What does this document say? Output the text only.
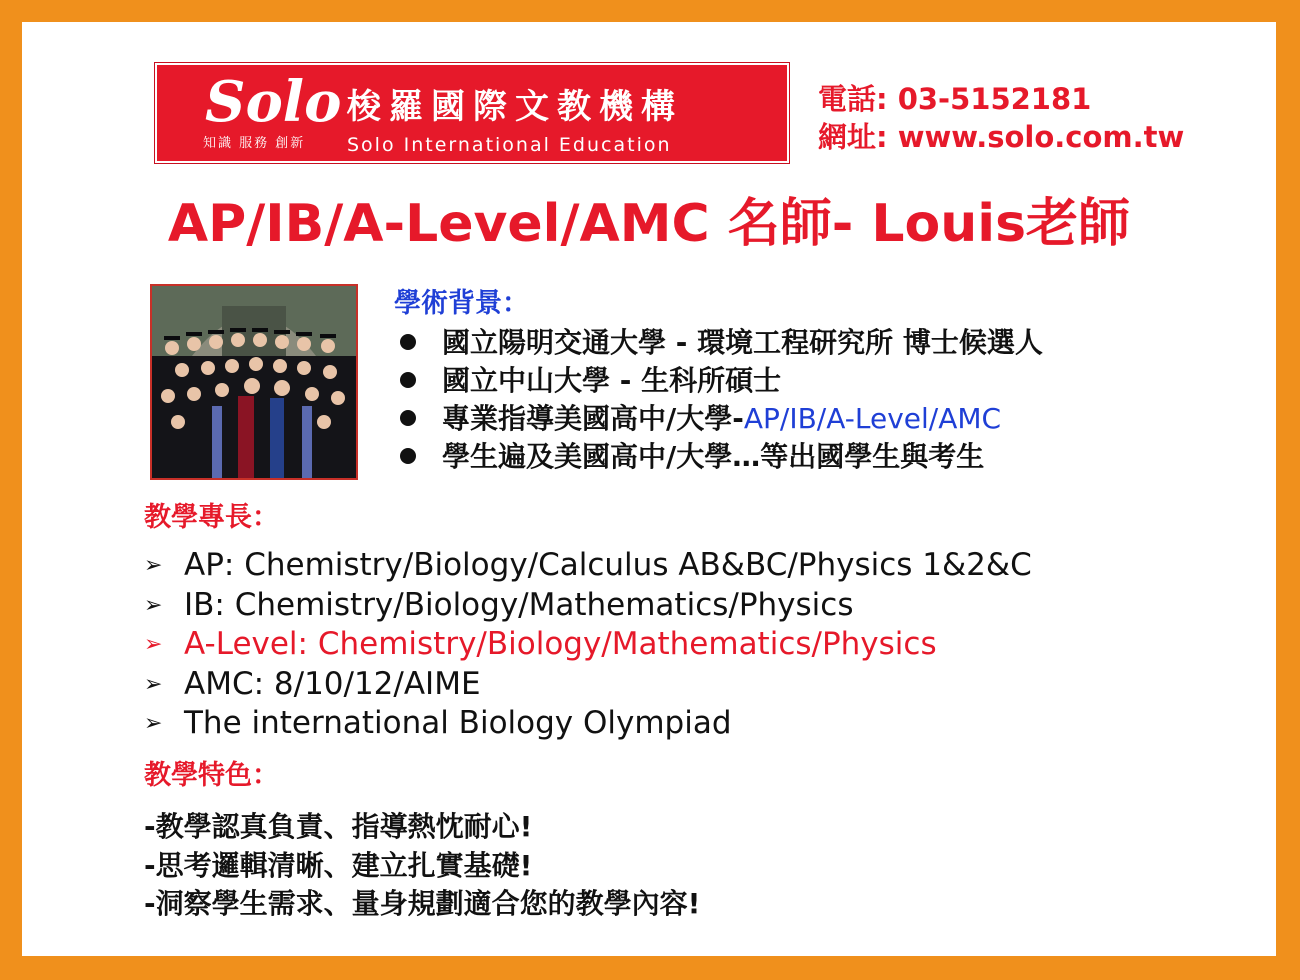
Solo 梭羅國際文教機構
知識 服務 創新 Solo International Education
電話: 03-5152181
網址: www.solo.com.tw
AP/IB/A-Level/AMC 名師- Louis老師
學術背景：
國立陽明交通大學 - 環境工程研究所 博士候選人
國立中山大學 - 生科所碩士
專業指導美國高中/大學-AP/IB/A-Level/AMC
學生遍及美國高中/大學…等出國學生與考生
教學專長：
➢ AP: Chemistry/Biology/Calculus AB&BC/Physics 1&2&C
➢ IB: Chemistry/Biology/Mathematics/Physics
➢ A-Level: Chemistry/Biology/Mathematics/Physics
➢ AMC: 8/10/12/AIME
➢ The international Biology Olympiad
教學特色：
-教學認真負責、指導熱忱耐心!
-思考邏輯清晰、建立扎實基礎!
-洞察學生需求、量身規劃適合您的教學內容!
